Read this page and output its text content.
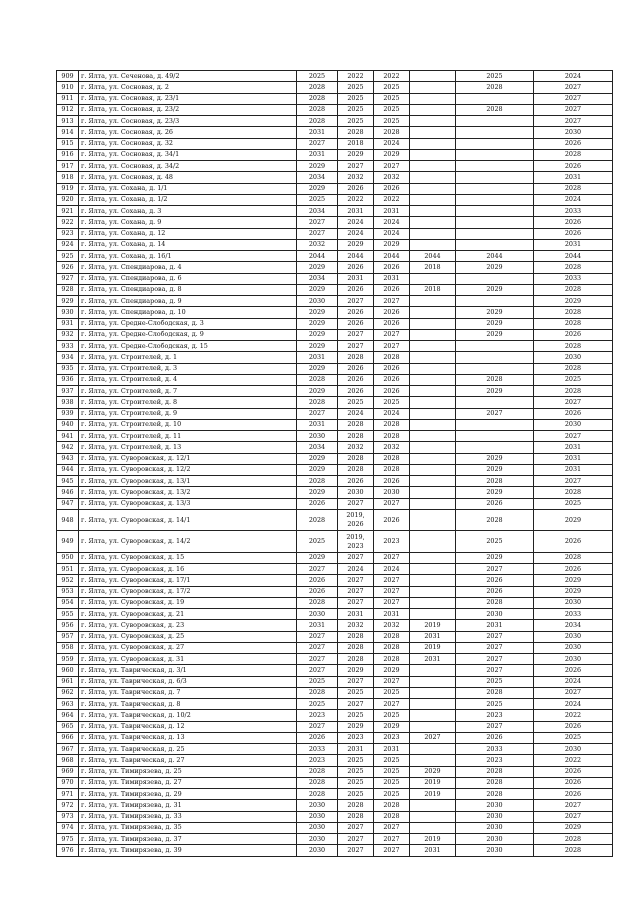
909	г. Ялта, ул. Сеченова, д. 49/2	2025	2022	2022		2025	2024
910	г. Ялта, ул. Сосновая, д. 2	2028	2025	2025		2028	2027
911	г. Ялта, ул. Сосновая, д. 23/1	2028	2025	2025			2027
912	г. Ялта, ул. Сосновая, д. 23/2	2028	2025	2025		2028	2027
913	г. Ялта, ул. Сосновая, д. 23/3	2028	2025	2025			2027
914	г. Ялта, ул. Сосновая, д. 26	2031	2028	2028			2030
915	г. Ялта, ул. Сосновая, д. 32	2027	2018	2024			2026
916	г. Ялта, ул. Сосновая, д. 34/1	2031	2029	2029			2028
917	г. Ялта, ул. Сосновая, д. 34/2	2029	2027	2027			2026
918	г. Ялта, ул. Сосновая, д. 48	2034	2032	2032			2031
919	г. Ялта, ул. Сохана, д. 1/1	2029	2026	2026			2028
920	г. Ялта, ул. Сохана, д. 1/2	2025	2022	2022			2024
921	г. Ялта, ул. Сохана, д. 3	2034	2031	2031			2033
922	г. Ялта, ул. Сохана, д. 9	2027	2024	2024			2026
923	г. Ялта, ул. Сохана, д. 12	2027	2024	2024			2026
924	г. Ялта, ул. Сохана, д. 14	2032	2029	2029			2031
925	г. Ялта, ул. Сохана, д. 16/1	2044	2044	2044	2044	2044	2044
926	г. Ялта, ул. Спендиарова, д. 4	2029	2026	2026	2018	2029	2028
927	г. Ялта, ул. Спендиарова, д. 6	2034	2031	2031			2033
928	г. Ялта, ул. Спендиарова, д. 8	2029	2026	2026	2018	2029	2028
929	г. Ялта, ул. Спендиарова, д. 9	2030	2027	2027			2029
930	г. Ялта, ул. Спендиарова, д. 10	2029	2026	2026		2029	2028
931	г. Ялта, ул. Средне-Слободская, д. 3	2029	2026	2026		2029	2028
932	г. Ялта, ул. Средне-Слободская, д. 9	2029	2027	2027		2029	2026
933	г. Ялта, ул. Средне-Слободская, д. 15	2029	2027	2027			2028
934	г. Ялта, ул. Строителей, д. 1	2031	2028	2028			2030
935	г. Ялта, ул. Строителей, д. 3	2029	2026	2026			2028
936	г. Ялта, ул. Строителей, д. 4	2028	2026	2026		2028	2025
937	г. Ялта, ул. Строителей, д. 7	2029	2026	2026		2029	2028
938	г. Ялта, ул. Строителей, д. 8	2028	2025	2025			2027
939	г. Ялта, ул. Строителей, д. 9	2027	2024	2024		2027	2026
940	г. Ялта, ул. Строителей, д. 10	2031	2028	2028			2030
941	г. Ялта, ул. Строителей, д. 11	2030	2028	2028			2027
942	г. Ялта, ул. Строителей, д. 13	2034	2032	2032			2031
943	г. Ялта, ул. Суворовская, д. 12/1	2029	2028	2028		2029	2031
944	г. Ялта, ул. Суворовская, д. 12/2	2029	2028	2028		2029	2031
945	г. Ялта, ул. Суворовская, д. 13/1	2028	2026	2026		2028	2027
946	г. Ялта, ул. Суворовская, д. 13/2	2029	2030	2030		2029	2028
947	г. Ялта, ул. Суворовская, д. 13/3	2026	2027	2027		2026	2025
948	г. Ялта, ул. Суворовская, д. 14/1	2028	2019, 2026	2026		2028	2029
949	г. Ялта, ул. Суворовская, д. 14/2	2025	2019, 2023	2023		2025	2026
950	г. Ялта, ул. Суворовская, д. 15	2029	2027	2027		2029	2028
951	г. Ялта, ул. Суворовская, д. 16	2027	2024	2024		2027	2026
952	г. Ялта, ул. Суворовская, д. 17/1	2026	2027	2027		2026	2029
953	г. Ялта, ул. Суворовская, д. 17/2	2026	2027	2027		2026	2029
954	г. Ялта, ул. Суворовская, д. 19	2028	2027	2027		2028	2030
955	г. Ялта, ул. Суворовская, д. 21	2030	2031	2031		2030	2033
956	г. Ялта, ул. Суворовская, д. 23	2031	2032	2032	2019	2031	2034
957	г. Ялта, ул. Суворовская, д. 25	2027	2028	2028	2031	2027	2030
958	г. Ялта, ул. Суворовская, д. 27	2027	2028	2028	2019	2027	2030
959	г. Ялта, ул. Суворовская, д. 31	2027	2028	2028	2031	2027	2030
960	г. Ялта, ул. Таврическая, д. 3/1	2027	2029	2029		2027	2026
961	г. Ялта, ул. Таврическая, д. 6/3	2025	2027	2027		2025	2024
962	г. Ялта, ул. Таврическая, д. 7	2028	2025	2025		2028	2027
963	г. Ялта, ул. Таврическая, д. 8	2025	2027	2027		2025	2024
964	г. Ялта, ул. Таврическая, д. 10/2	2023	2025	2025		2023	2022
965	г. Ялта, ул. Таврическая, д. 12	2027	2029	2029		2027	2026
966	г. Ялта, ул. Таврическая, д. 13	2026	2023	2023	2027	2026	2025
967	г. Ялта, ул. Таврическая, д. 25	2033	2031	2031		2033	2030
968	г. Ялта, ул. Таврическая, д. 27	2023	2025	2025		2023	2022
969	г. Ялта, ул. Тимирязева, д. 25	2028	2025	2025	2029	2028	2026
970	г. Ялта, ул. Тимирязева, д. 27	2028	2025	2025	2019	2028	2026
971	г. Ялта, ул. Тимирязева, д. 29	2028	2025	2025	2019	2028	2026
972	г. Ялта, ул. Тимирязева, д. 31	2030	2028	2028		2030	2027
973	г. Ялта, ул. Тимирязева, д. 33	2030	2028	2028		2030	2027
974	г. Ялта, ул. Тимирязева, д. 35	2030	2027	2027		2030	2029
975	г. Ялта, ул. Тимирязева, д. 37	2030	2027	2027	2019	2030	2028
976	г. Ялта, ул. Тимирязева, д. 39	2030	2027	2027	2031	2030	2028
